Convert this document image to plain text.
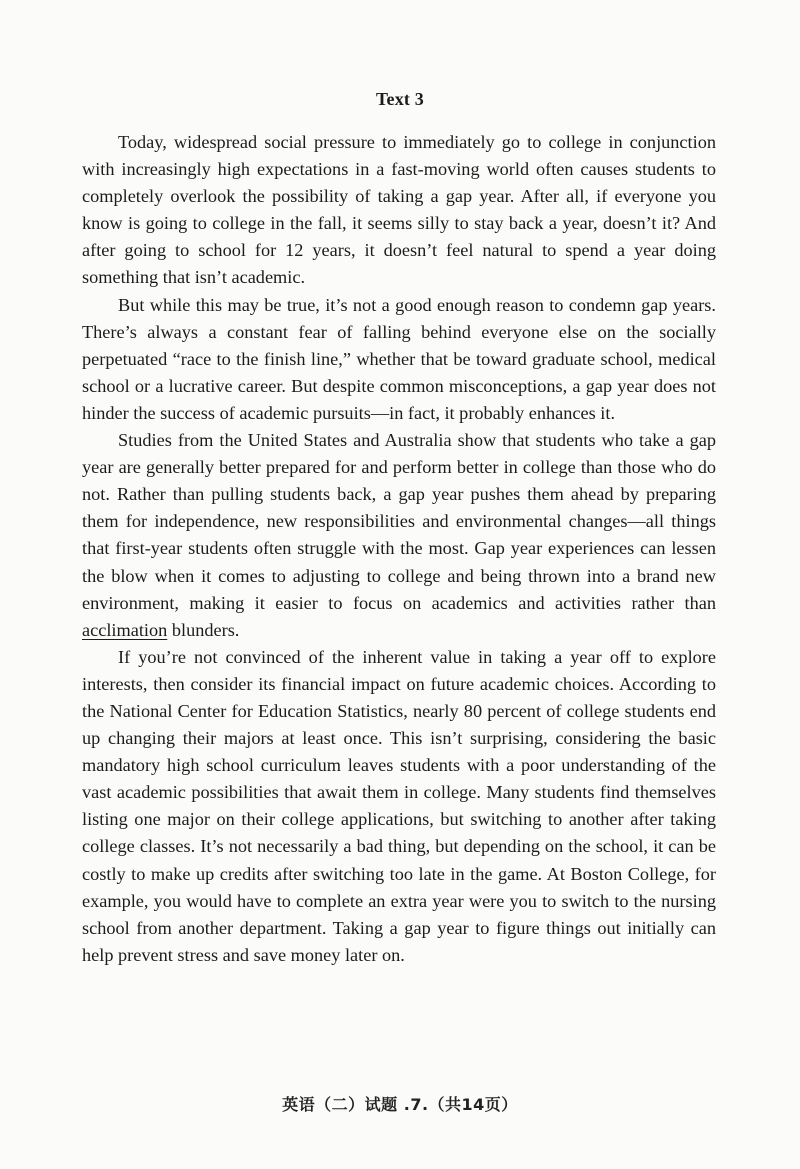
Text 3

Today, widespread social pressure to immediately go to college in conjunction with increasingly high expectations in a fast-moving world often causes students to completely overlook the possibility of taking a gap year. After all, if everyone you know is going to college in the fall, it seems silly to stay back a year, doesn’t it? And after going to school for 12 years, it doesn’t feel natural to spend a year doing something that isn’t academic.

But while this may be true, it’s not a good enough reason to condemn gap years. There’s always a constant fear of falling behind everyone else on the socially perpetuated “race to the finish line,” whether that be toward graduate school, medical school or a lucrative career. But despite common misconceptions, a gap year does not hinder the success of academic pursuits—in fact, it probably enhances it.

Studies from the United States and Australia show that students who take a gap year are generally better prepared for and perform better in college than those who do not. Rather than pulling students back, a gap year pushes them ahead by preparing them for independence, new responsibilities and environmental changes—all things that first-year students often struggle with the most. Gap year experiences can lessen the blow when it comes to adjusting to college and being thrown into a brand new environment, making it easier to focus on academics and activities rather than acclimation blunders.

If you’re not convinced of the inherent value in taking a year off to explore interests, then consider its financial impact on future academic choices. According to the National Center for Education Statistics, nearly 80 percent of college students end up changing their majors at least once. This isn’t surprising, considering the basic mandatory high school curriculum leaves students with a poor understanding of the vast academic possibilities that await them in college. Many students find themselves listing one major on their college applications, but switching to another after taking college classes. It’s not necessarily a bad thing, but depending on the school, it can be costly to make up credits after switching too late in the game. At Boston College, for example, you would have to complete an extra year were you to switch to the nursing school from another department. Taking a gap year to figure things out initially can help prevent stress and save money later on.

英语（二）试题 .7.（共14页）
